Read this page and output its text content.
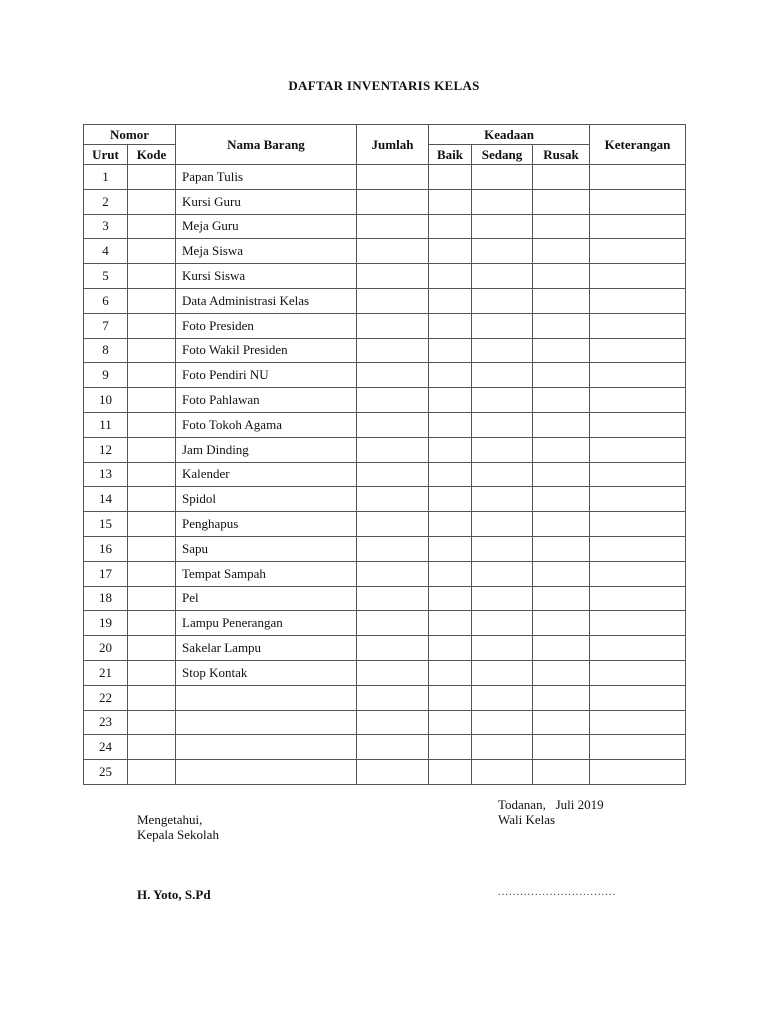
DAFTAR INVENTARIS KELAS
Nomor		Nama Barang	Jumlah	Keadaan			Keterangan
Urut	Kode			Baik	Sedang	Rusak	
1		Papan Tulis					
2		Kursi Guru					
3		Meja Guru					
4		Meja Siswa					
5		Kursi Siswa					
6		Data Administrasi Kelas					
7		Foto Presiden					
8		Foto Wakil Presiden					
9		Foto Pendiri NU					
10		Foto Pahlawan					
11		Foto Tokoh Agama					
12		Jam Dinding					
13		Kalender					
14		Spidol					
15		Penghapus					
16		Sapu					
17		Tempat Sampah					
18		Pel					
19		Lampu Penerangan					
20		Sakelar Lampu					
21		Stop Kontak					
22							
23							
24							
25							
Todanan,   Juli 2019
Wali Kelas
Mengetahui,
Kepala Sekolah
H. Yoto, S.Pd	................................
